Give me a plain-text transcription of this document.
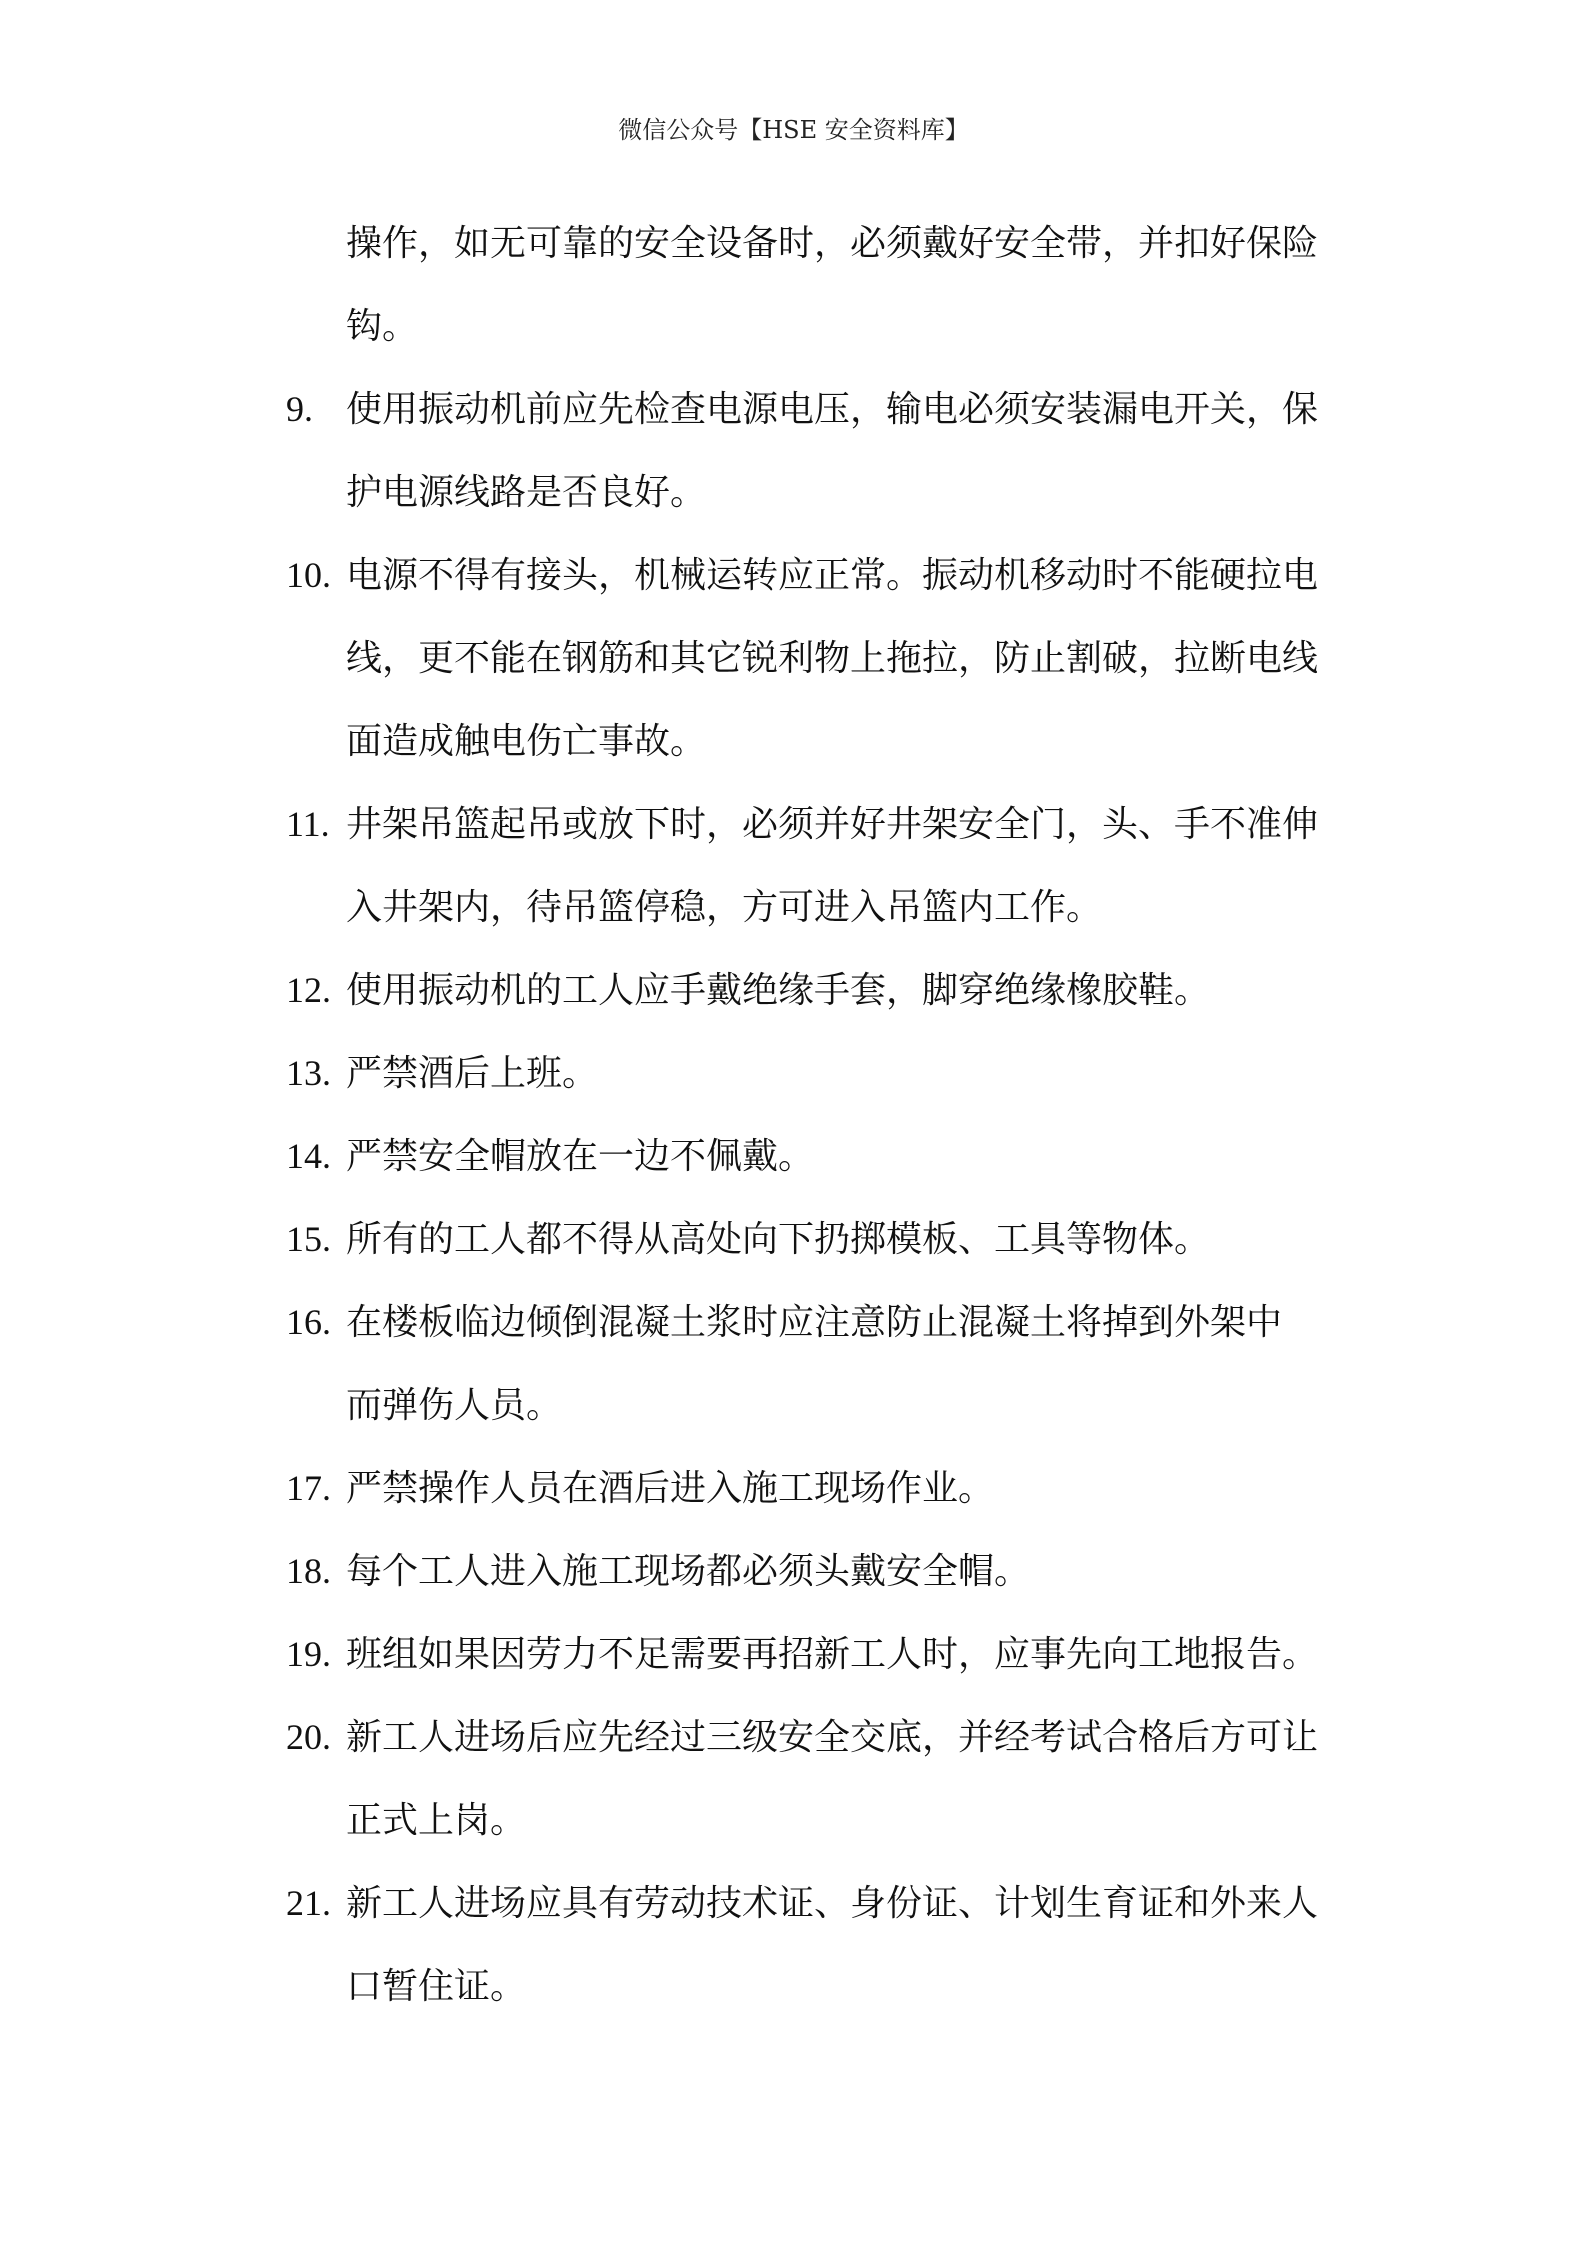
微信公众号【HSE 安全资料库】
操作，如无可靠的安全设备时，必须戴好安全带，并扣好保险
钩。
9. 使用振动机前应先检查电源电压，输电必须安装漏电开关，保
护电源线路是否良好。
10. 电源不得有接头，机械运转应正常。振动机移动时不能硬拉电
线，更不能在钢筋和其它锐利物上拖拉，防止割破，拉断电线
面造成触电伤亡事故。
11. 井架吊篮起吊或放下时，必须并好井架安全门，头、手不准伸
入井架内，待吊篮停稳，方可进入吊篮内工作。
12. 使用振动机的工人应手戴绝缘手套，脚穿绝缘橡胶鞋。
13. 严禁酒后上班。
14. 严禁安全帽放在一边不佩戴。
15. 所有的工人都不得从高处向下扔掷模板、工具等物体。
16. 在楼板临边倾倒混凝土浆时应注意防止混凝土将掉到外架中
而弹伤人员。
17. 严禁操作人员在酒后进入施工现场作业。
18. 每个工人进入施工现场都必须头戴安全帽。
19. 班组如果因劳力不足需要再招新工人时，应事先向工地报告。
20. 新工人进场后应先经过三级安全交底，并经考试合格后方可让
正式上岗。
21. 新工人进场应具有劳动技术证、身份证、计划生育证和外来人
口暂住证。
